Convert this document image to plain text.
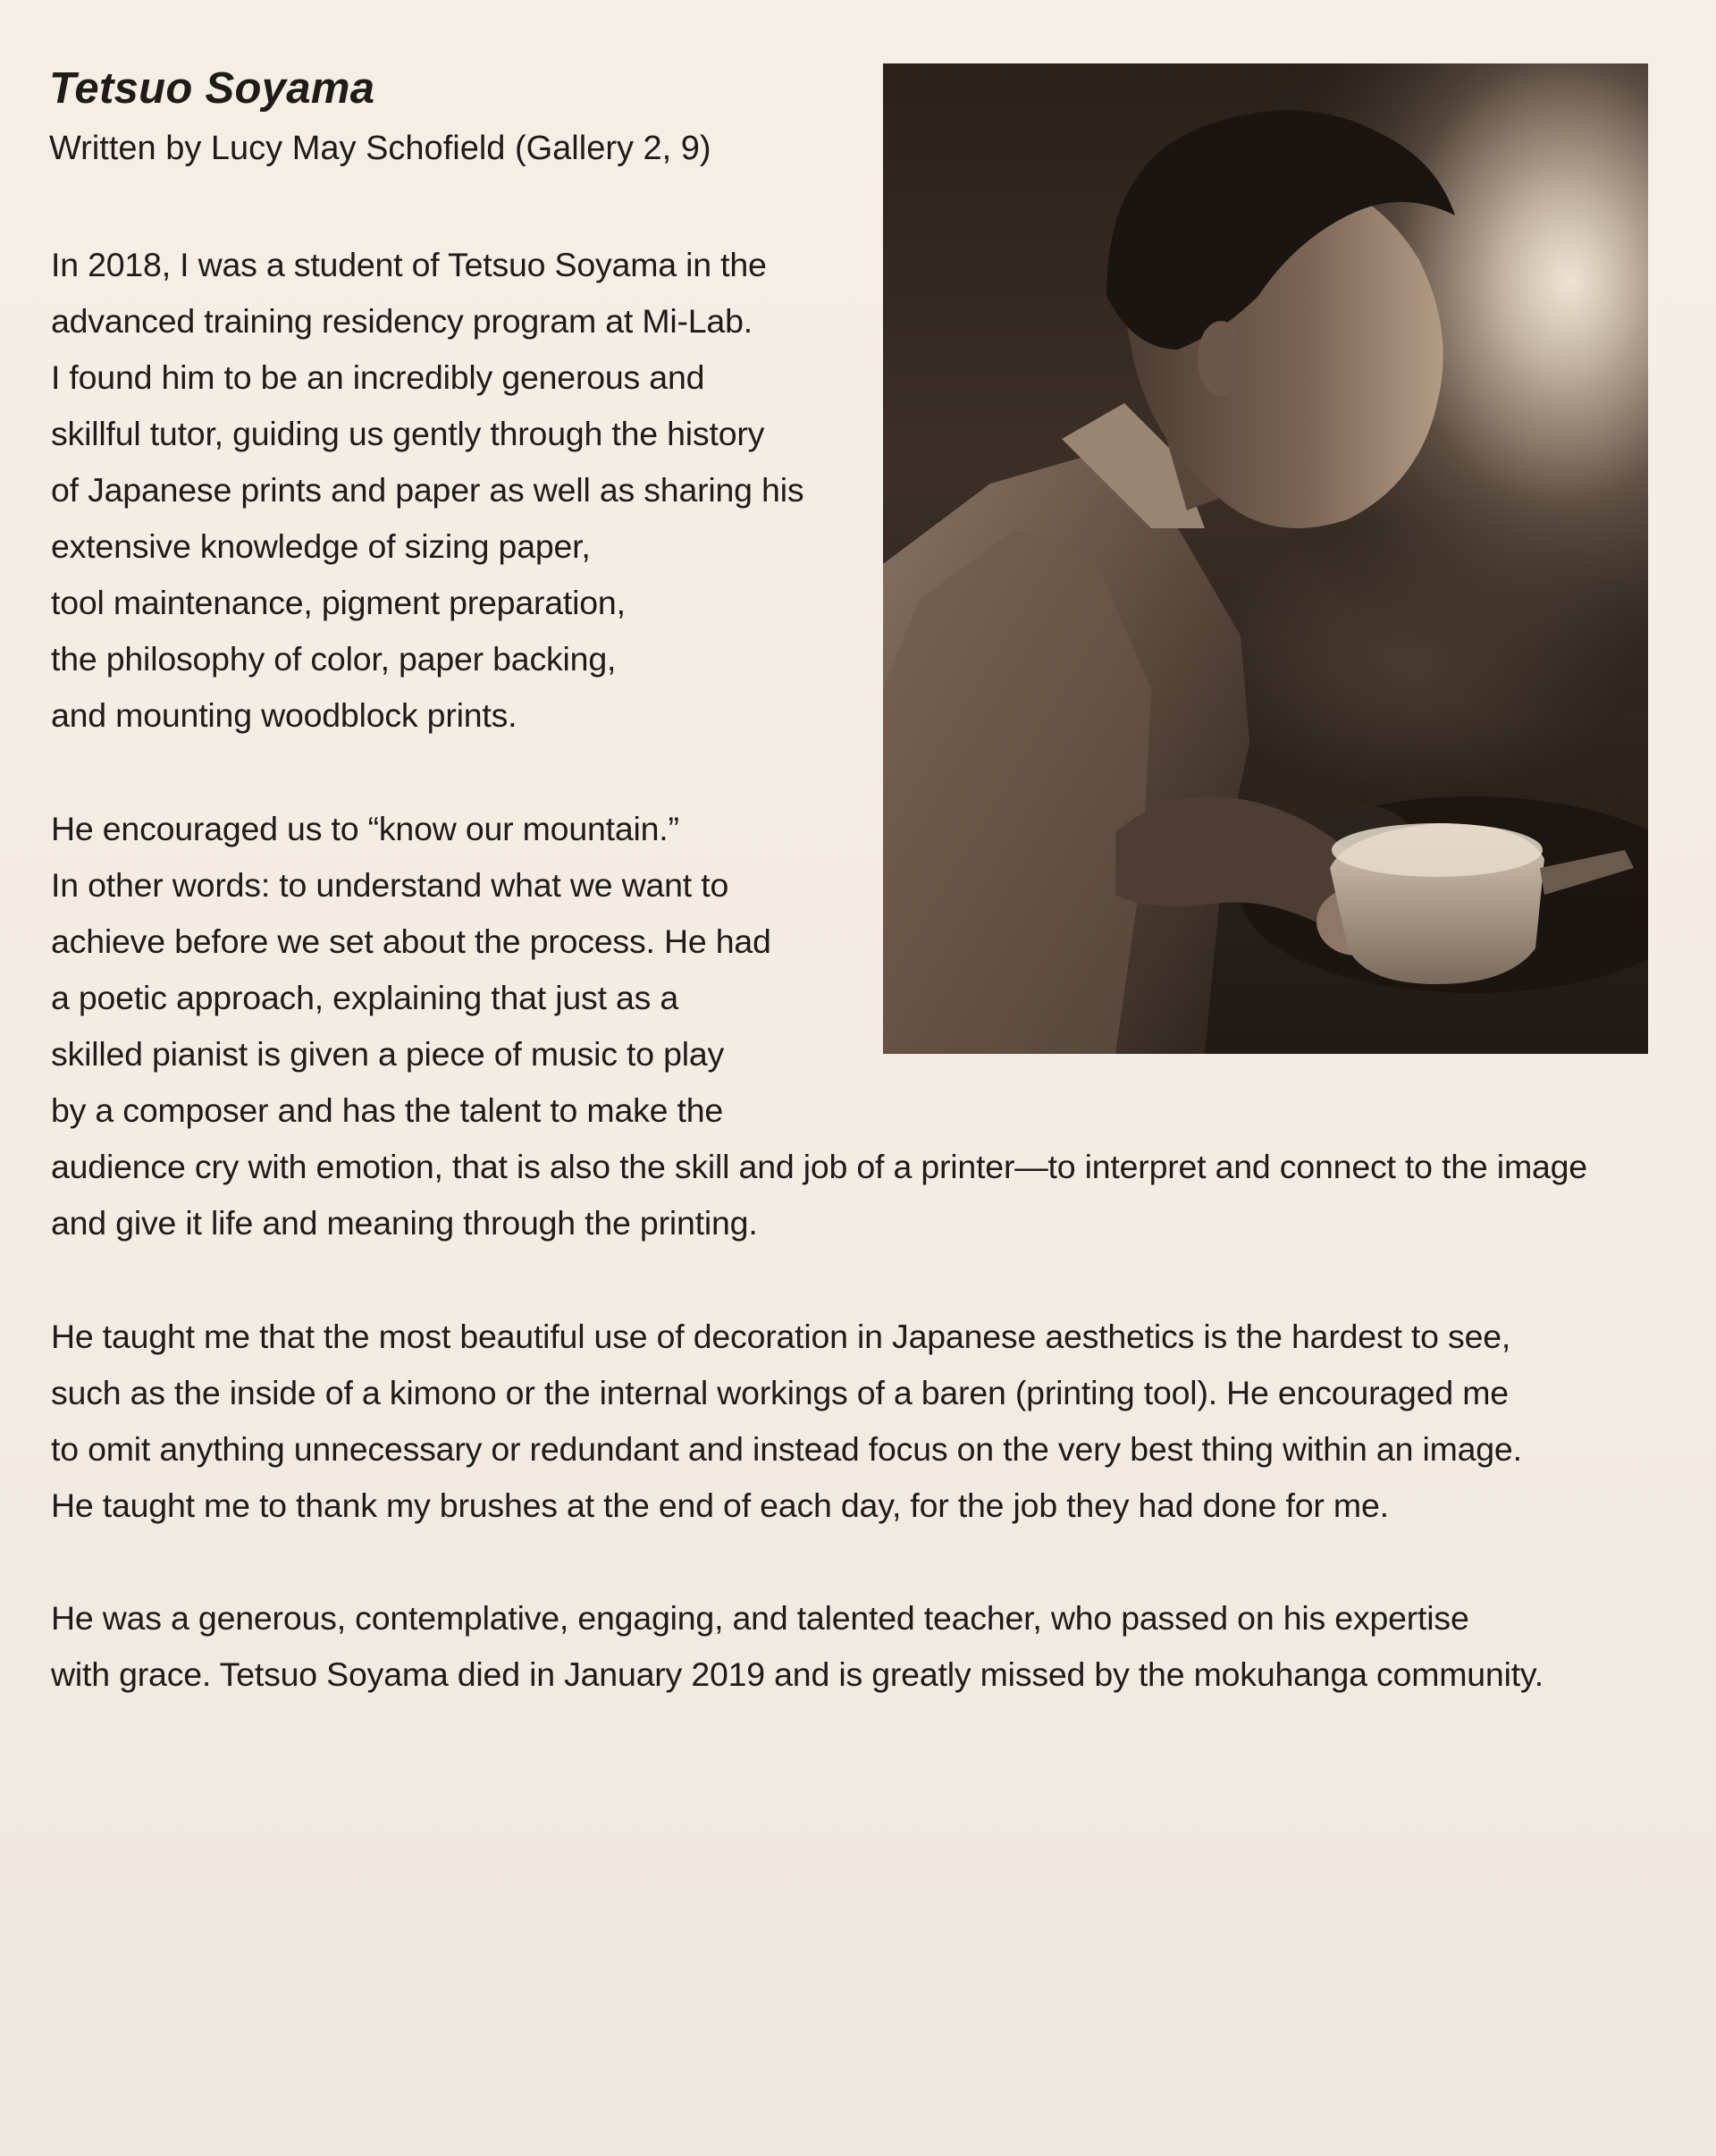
Tetsuo Soyama

Written by Lucy May Schofield (Gallery 2, 9)

In 2018, I was a student of Tetsuo Soyama in the
advanced training residency program at Mi-Lab.
I found him to be an incredibly generous and
skillful tutor, guiding us gently through the history
of Japanese prints and paper as well as sharing his
extensive knowledge of sizing paper,
tool maintenance, pigment preparation,
the philosophy of color, paper backing,
and mounting woodblock prints.

He encouraged us to “know our mountain.”
In other words: to understand what we want to
achieve before we set about the process. He had
a poetic approach, explaining that just as a
skilled pianist is given a piece of music to play
by a composer and has the talent to make the
audience cry with emotion, that is also the skill and job of a printer—to interpret and connect to the image
and give it life and meaning through the printing.

He taught me that the most beautiful use of decoration in Japanese aesthetics is the hardest to see,
such as the inside of a kimono or the internal workings of a baren (printing tool). He encouraged me
to omit anything unnecessary or redundant and instead focus on the very best thing within an image.
He taught me to thank my brushes at the end of each day, for the job they had done for me.

He was a generous, contemplative, engaging, and talented teacher, who passed on his expertise
with grace. Tetsuo Soyama died in January 2019 and is greatly missed by the mokuhanga community.
